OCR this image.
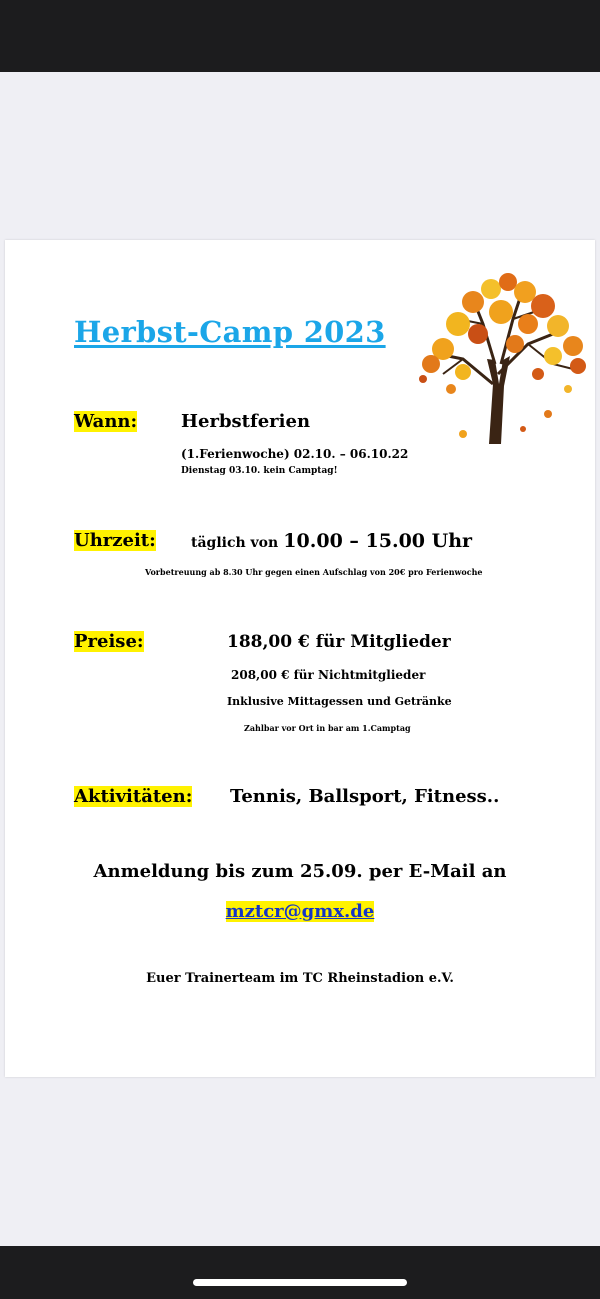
Herbst-Camp 2023
Wann: Herbstferien
(1.Ferienwoche) 02.10. – 06.10.22
Dienstag 03.10. kein Camptag!
Uhrzeit:	täglich von 10.00 – 15.00 Uhr
Vorbetreuung ab 8.30 Uhr gegen einen Aufschlag von 20€ pro Ferienwoche
Preise:	188,00 € für Mitglieder
208,00 € für Nichtmitglieder
Inklusive Mittagessen und Getränke
Zahlbar vor Ort in bar am 1.Camptag
Aktivitäten: Tennis, Ballsport, Fitness..
Anmeldung bis zum 25.09. per E-Mail an
mztcr@gmx.de
Euer Trainerteam im TC Rheinstadion e.V.
